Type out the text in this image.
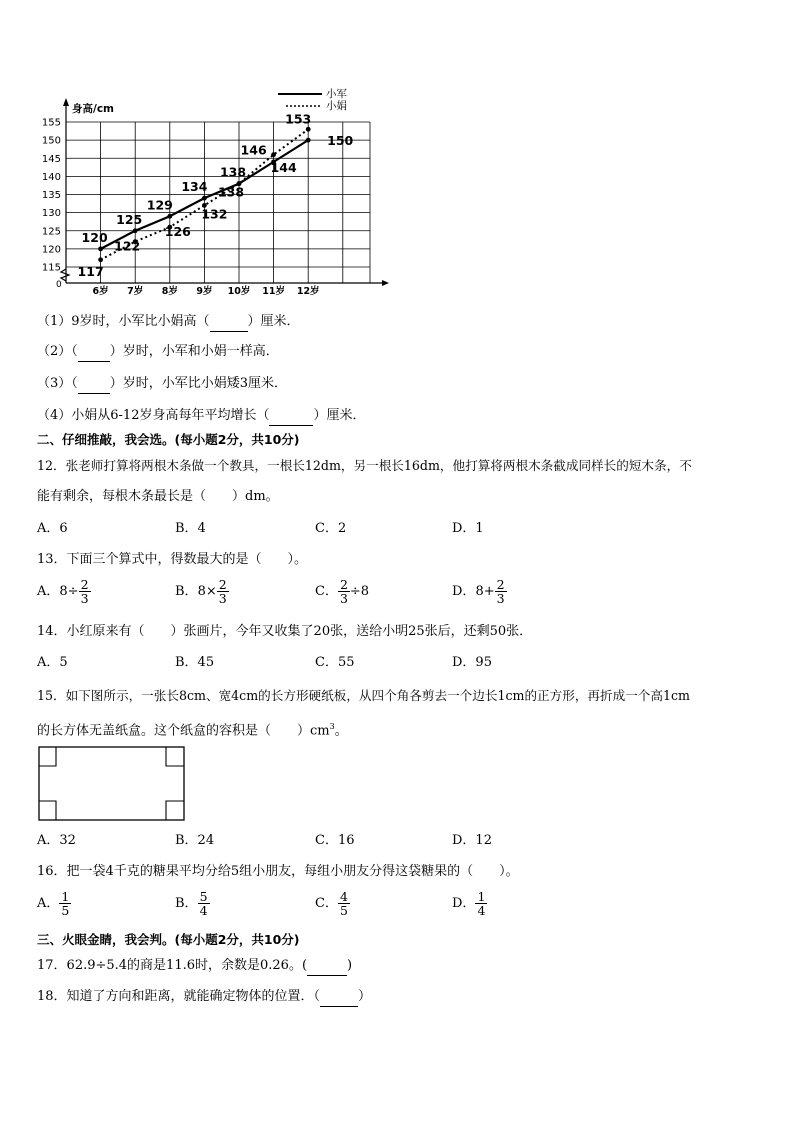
115
120
125
130
135
140
145
150
155
身高/cm
0
6岁 7岁 8岁 9岁 10岁 11岁 12岁
120
125
129
134
138 144
150
117
122
126
132
138
146
153
小军
小娟
（1）9岁时，小军比小娟高（	）厘米．
（2）（ ）岁时，小军和小娟一样高．
（3）（ ）岁时，小军比小娟矮3厘米．
（4）小娟从6-12岁身高每年平均增长（	）厘米．
二、仔细推敲，我会选。(每小题2分，共10分)
12．张老师打算将两根木条做一个教具，一根长12dm，另一根长16dm，他打算将两根木条截成同样长的短木条，不
能有剩余，每根木条最长是（　　）dm。
A．6	B．4	C．2	D．1
13．下面三个算式中，得数最大的是（　　）。
A．$8\div \frac{2}{3}$	B．$8\times \frac{2}{3}$	C． $\frac{2}{3} \div 8$	D．$8+ \frac{2}{3}$
14．小红原来有（　　）张画片，今年又收集了20张，送给小明25张后，还剩50张．
A．5	B．45	C．55	D．95
15．如下图所示，一张长8cm、宽4cm的长方形硬纸板，从四个角各剪去一个边长1cm的正方形，再折成一个高1cm
的长方体无盖纸盒。这个纸盒的容积是（　　）$cm^3$。
A．32	B．24	C．16	D．12
16．把一袋4千克的糖果平均分给5组小朋友，每组小朋友分得这袋糖果的（　　）。
A． $\frac{1}{5}$	B． $\frac{5}{4}$	C． $\frac{4}{5}$	D． $\frac{1}{4}$
三、火眼金睛，我会判。(每小题2分，共10分)
17．62.9÷5.4的商是11.6时，余数是0.26。(	)
18．知道了方向和距离，就能确定物体的位置．（	）
